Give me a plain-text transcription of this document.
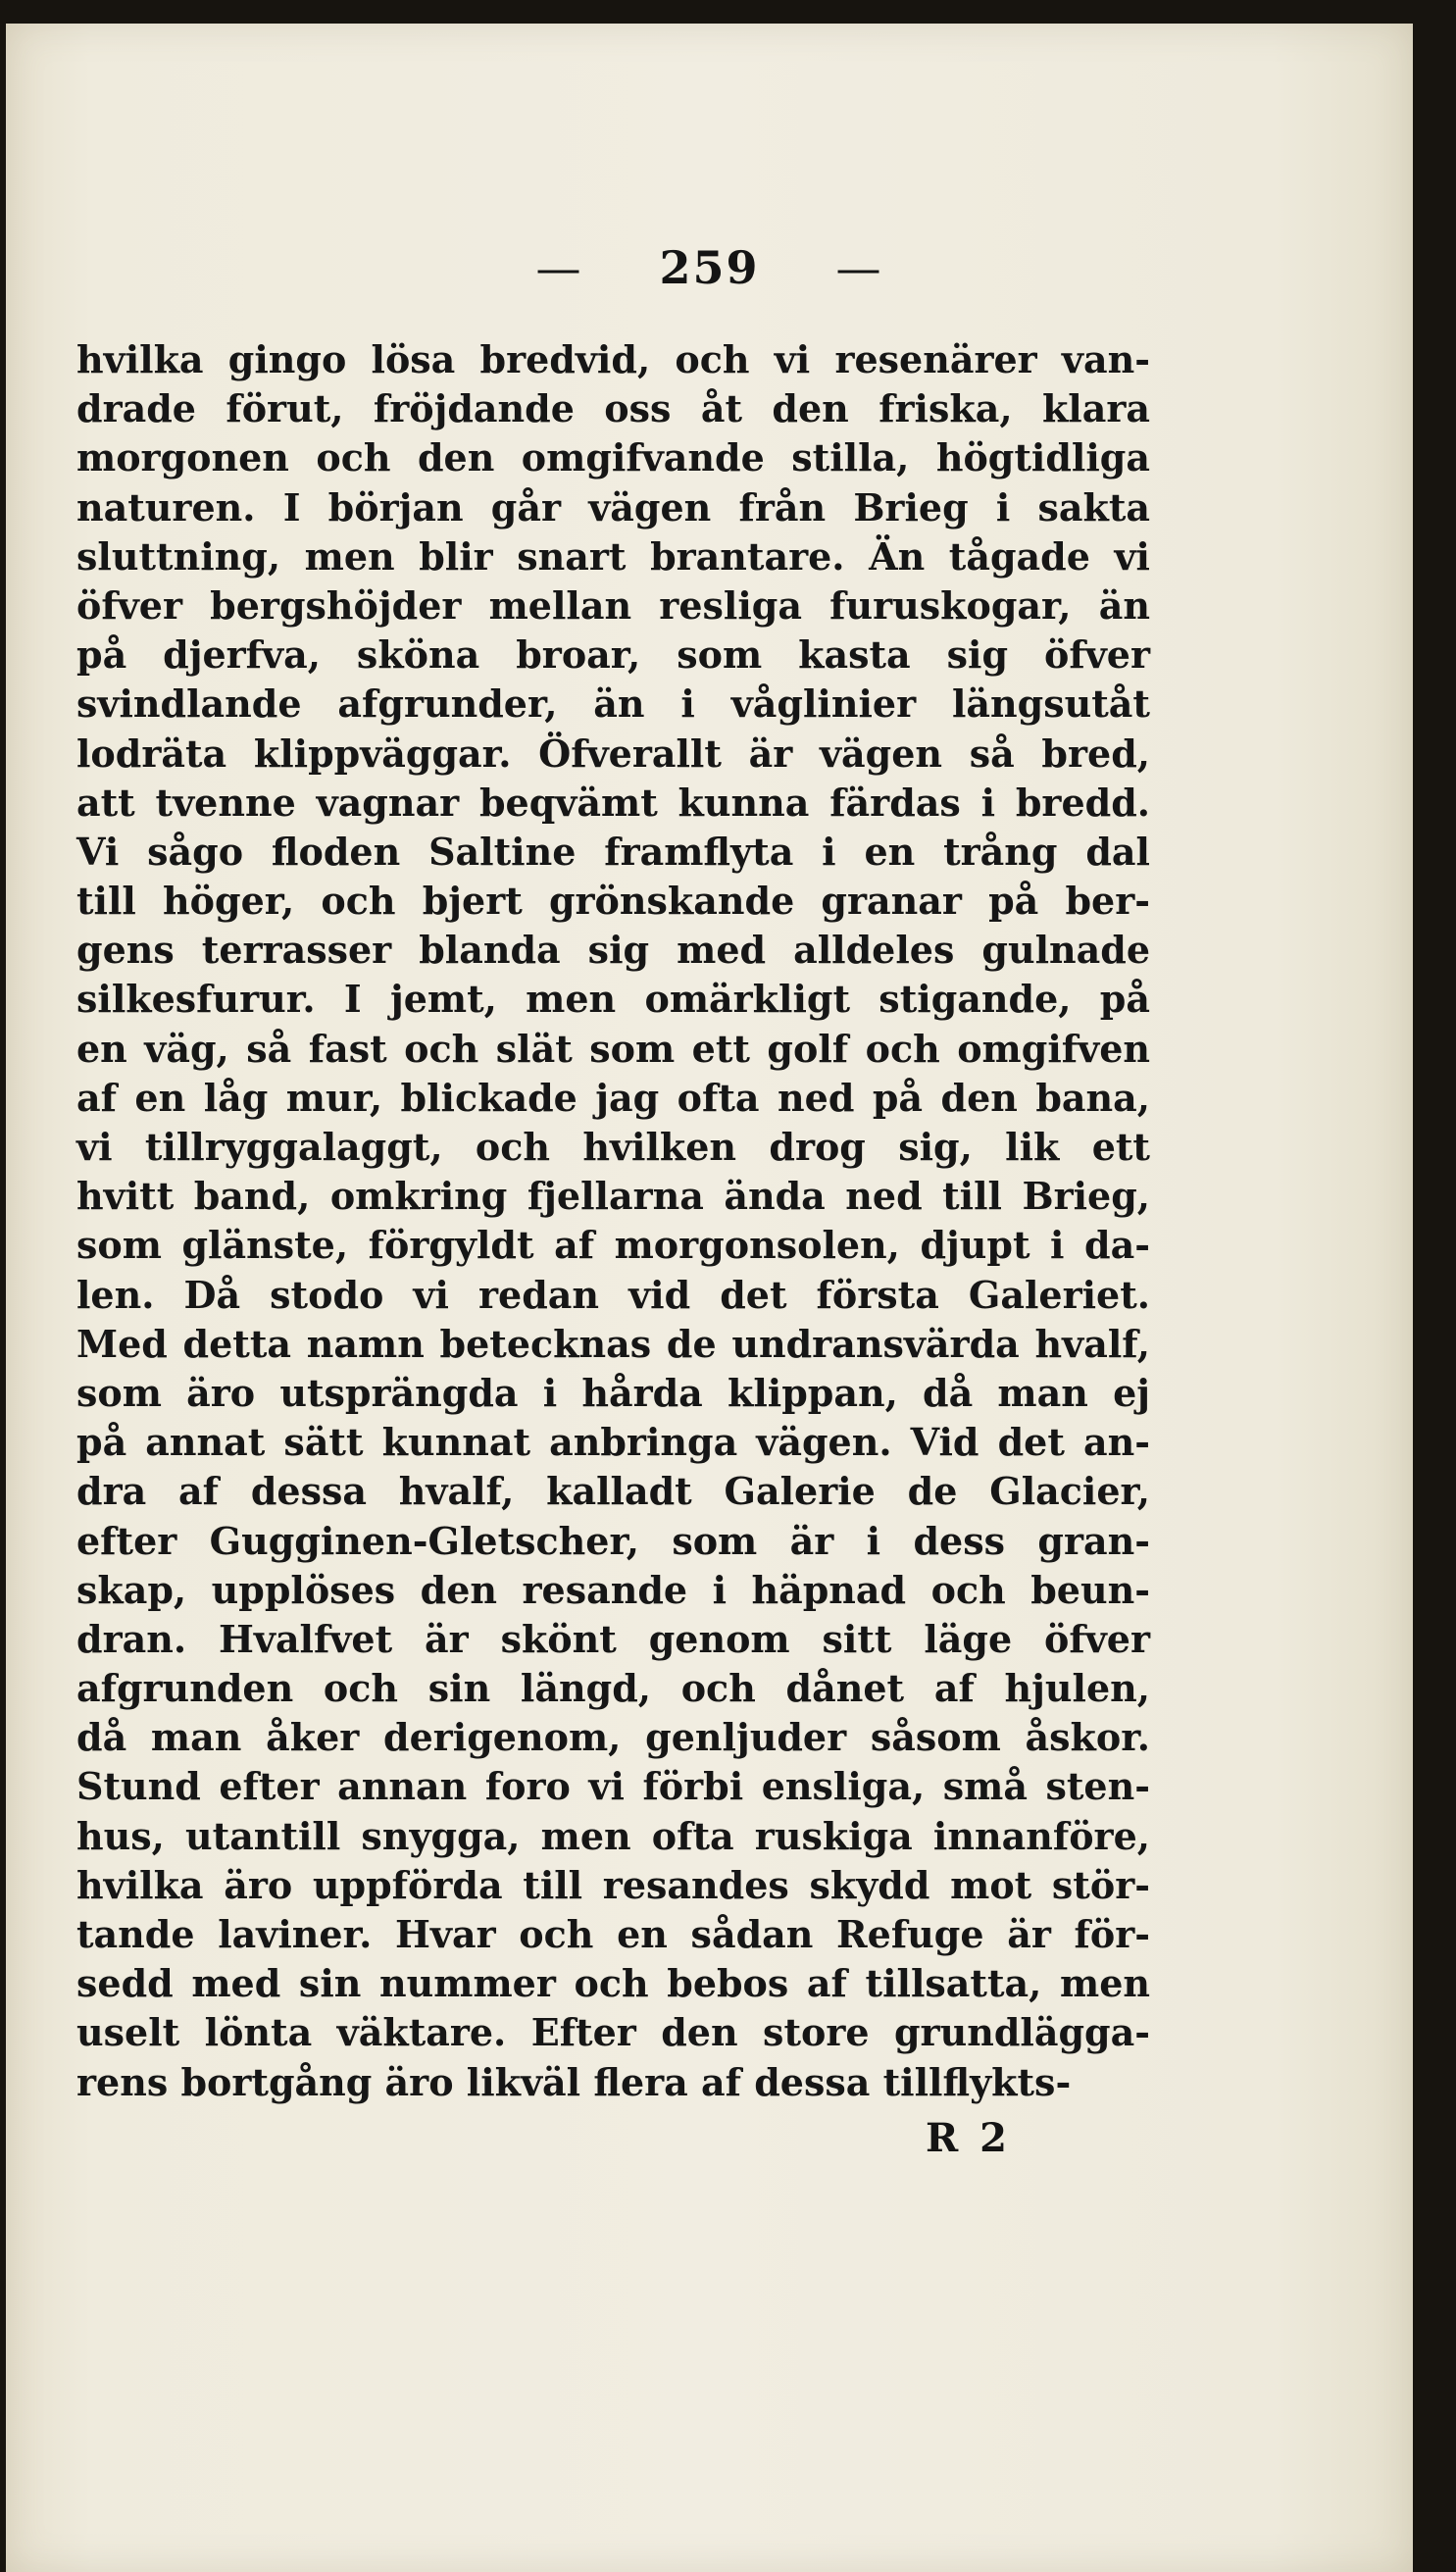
— 259 —
hvilka gingo lösa bredvid, och vi resenärer van-
drade förut, fröjdande oss åt den friska, klara
morgonen och den omgifvande stilla, högtidliga
naturen. I början går vägen från Brieg i sakta
sluttning, men blir snart brantare. Än tågade vi
öfver bergshöjder mellan resliga furuskogar, än
på djerfva, sköna broar, som kasta sig öfver
svindlande afgrunder, än i våglinier längsutåt
lodräta klippväggar. Öfverallt är vägen så bred,
att tvenne vagnar beqvämt kunna färdas i bredd.
Vi sågo floden Saltine framflyta i en trång dal
till höger, och bjert grönskande granar på ber-
gens terrasser blanda sig med alldeles gulnade
silkesfurur. I jemt, men omärkligt stigande, på
en väg, så fast och slät som ett golf och omgifven
af en låg mur, blickade jag ofta ned på den bana,
vi tillryggalaggt, och hvilken drog sig, lik ett
hvitt band, omkring fjellarna ända ned till Brieg,
som glänste, förgyldt af morgonsolen, djupt i da-
len. Då stodo vi redan vid det första Galeriet.
Med detta namn betecknas de undransvärda hvalf,
som äro utsprängda i hårda klippan, då man ej
på annat sätt kunnat anbringa vägen. Vid det an-
dra af dessa hvalf, kalladt Galerie de Glacier,
efter Gugginen-Gletscher, som är i dess gran-
skap, upplöses den resande i häpnad och beun-
dran. Hvalfvet är skönt genom sitt läge öfver
afgrunden och sin längd, och dånet af hjulen,
då man åker derigenom, genljuder såsom åskor.
Stund efter annan foro vi förbi ensliga, små sten-
hus, utantill snygga, men ofta ruskiga innanföre,
hvilka äro uppförda till resandes skydd mot stör-
tande laviner. Hvar och en sådan Refuge är för-
sedd med sin nummer och bebos af tillsatta, men
uselt lönta väktare. Efter den store grundlägga-
rens bortgång äro likväl flera af dessa tillflykts-
R 2
